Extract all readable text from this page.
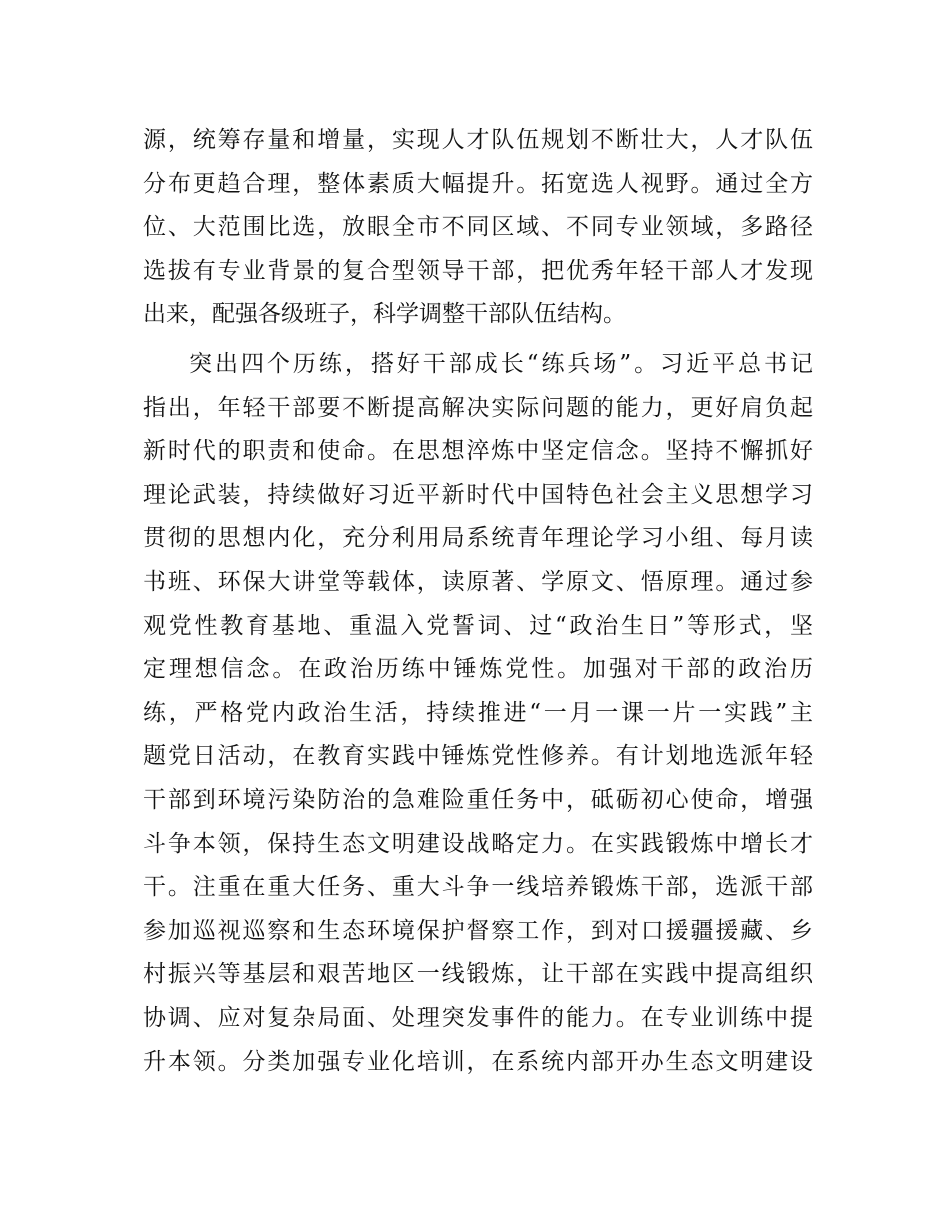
源，统筹存量和增量，实现人才队伍规划不断壮大，人才队伍
分布更趋合理，整体素质大幅提升。拓宽选人视野。通过全方
位、大范围比选，放眼全市不同区域、不同专业领域，多路径
选拔有专业背景的复合型领导干部，把优秀年轻干部人才发现
出来，配强各级班子，科学调整干部队伍结构。
突出四个历练，搭好干部成长“练兵场”。习近平总书记
指出，年轻干部要不断提高解决实际问题的能力，更好肩负起
新时代的职责和使命。在思想淬炼中坚定信念。坚持不懈抓好
理论武装，持续做好习近平新时代中国特色社会主义思想学习
贯彻的思想内化，充分利用局系统青年理论学习小组、每月读
书班、环保大讲堂等载体，读原著、学原文、悟原理。通过参
观党性教育基地、重温入党誓词、过“政治生日”等形式，坚
定理想信念。在政治历练中锤炼党性。加强对干部的政治历
练，严格党内政治生活，持续推进“一月一课一片一实践”主
题党日活动，在教育实践中锤炼党性修养。有计划地选派年轻
干部到环境污染防治的急难险重任务中，砥砺初心使命，增强
斗争本领，保持生态文明建设战略定力。在实践锻炼中增长才
干。注重在重大任务、重大斗争一线培养锻炼干部，选派干部
参加巡视巡察和生态环境保护督察工作，到对口援疆援藏、乡
村振兴等基层和艰苦地区一线锻炼，让干部在实践中提高组织
协调、应对复杂局面、处理突发事件的能力。在专业训练中提
升本领。分类加强专业化培训，在系统内部开办生态文明建设
